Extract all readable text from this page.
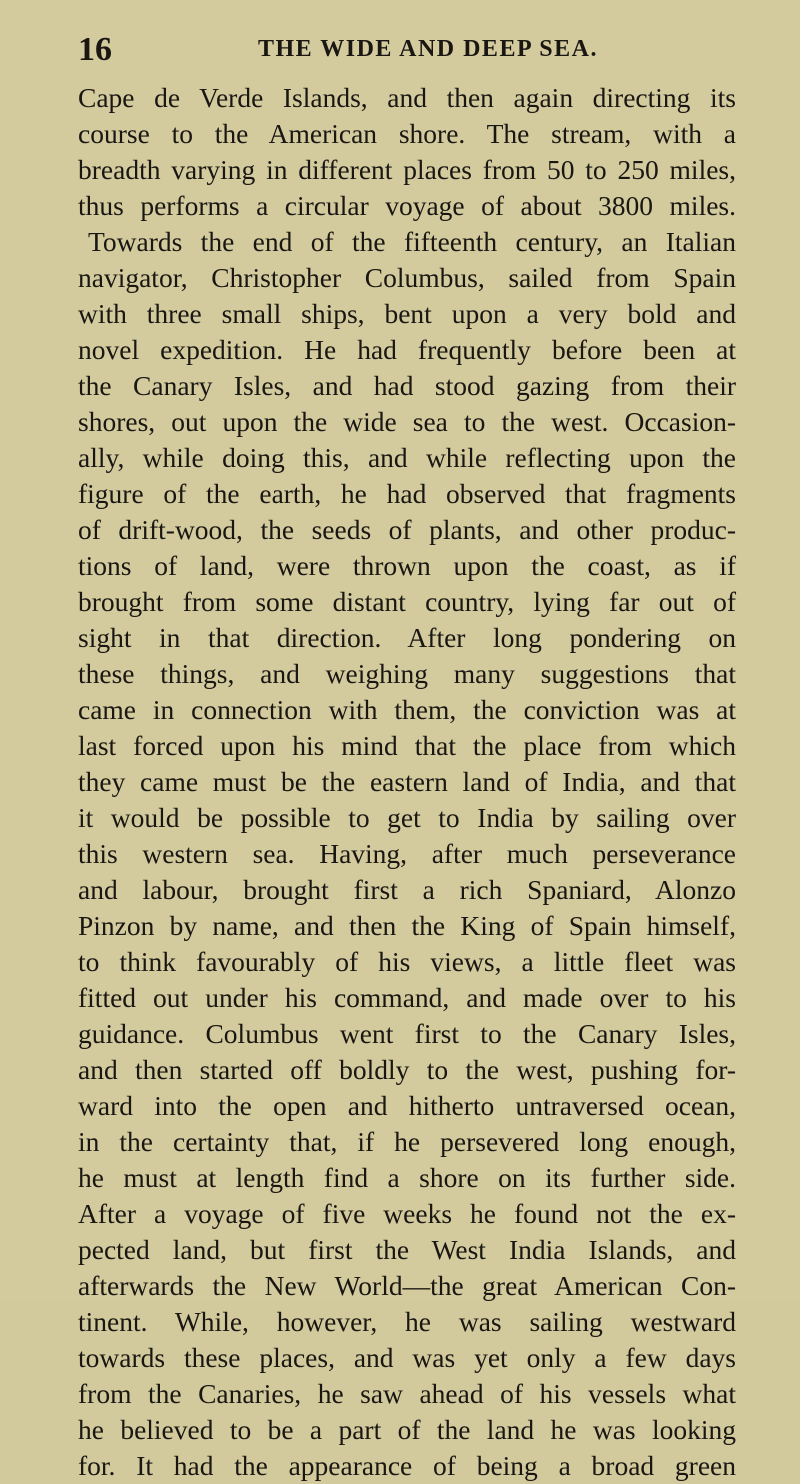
16	THE WIDE AND DEEP SEA.
Cape de Verde Islands, and then again directing its
course to the American shore. The stream, with a
breadth varying in different places from 50 to 250 miles,
thus performs a circular voyage of about 3800 miles.
Towards the end of the fifteenth century, an Italian
navigator, Christopher Columbus, sailed from Spain
with three small ships, bent upon a very bold and
novel expedition. He had frequently before been at
the Canary Isles, and had stood gazing from their
shores, out upon the wide sea to the west. Occasion-
ally, while doing this, and while reflecting upon the
figure of the earth, he had observed that fragments
of drift-wood, the seeds of plants, and other produc-
tions of land, were thrown upon the coast, as if
brought from some distant country, lying far out of
sight in that direction. After long pondering on
these things, and weighing many suggestions that
came in connection with them, the conviction was at
last forced upon his mind that the place from which
they came must be the eastern land of India, and that
it would be possible to get to India by sailing over
this western sea. Having, after much perseverance
and labour, brought first a rich Spaniard, Alonzo
Pinzon by name, and then the King of Spain himself,
to think favourably of his views, a little fleet was
fitted out under his command, and made over to his
guidance. Columbus went first to the Canary Isles,
and then started off boldly to the west, pushing for-
ward into the open and hitherto untraversed ocean,
in the certainty that, if he persevered long enough,
he must at length find a shore on its further side.
After a voyage of five weeks he found not the ex-
pected land, but first the West India Islands, and
afterwards the New World—the great American Con-
tinent. While, however, he was sailing westward
towards these places, and was yet only a few days
from the Canaries, he saw ahead of his vessels what
he believed to be a part of the land he was looking
for. It had the appearance of being a broad green
